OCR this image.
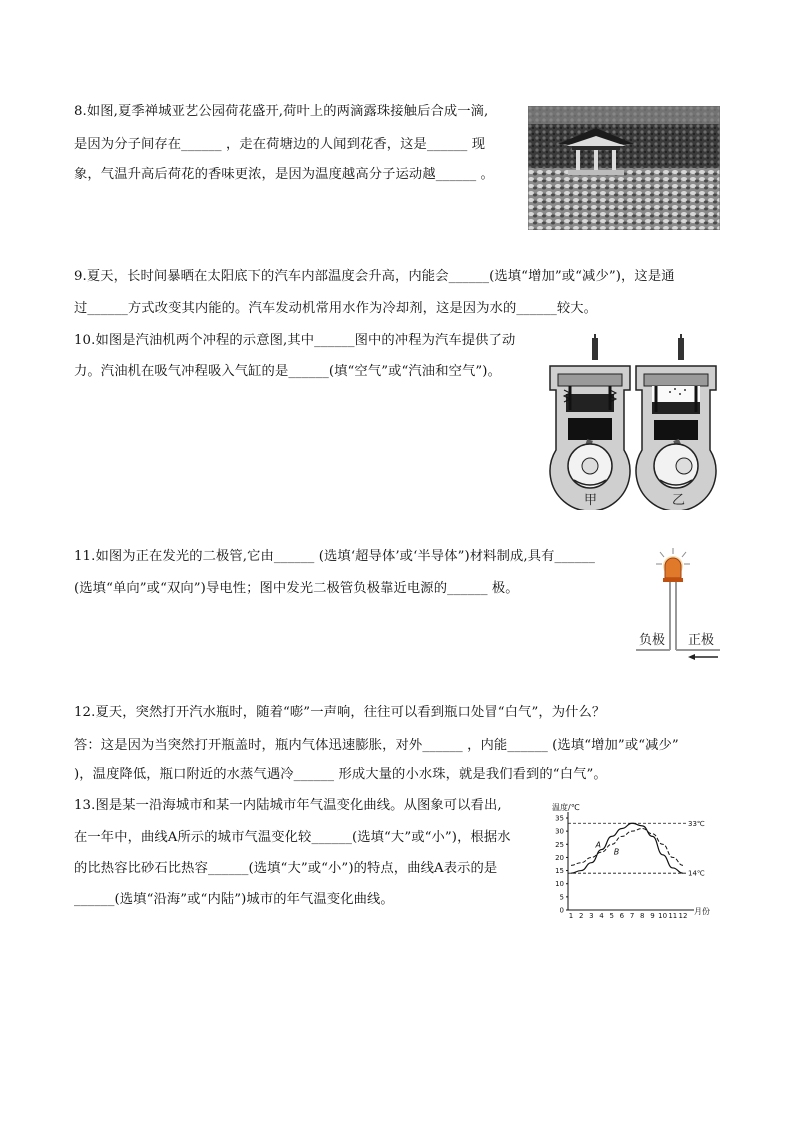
8.如图,夏季禅城亚艺公园荷花盛开,荷叶上的两滴露珠接触后合成一滴,
是因为分子间存在______ ，走在荷塘边的人闻到花香，这是______ 现
象，气温升高后荷花的香味更浓，是因为温度越高分子运动越______ 。
9.夏天，长时间暴晒在太阳底下的汽车内部温度会升高，内能会______(选填“增加”或“减少”)，这是通
过______方式改变其内能的。汽车发动机常用水作为冷却剂，这是因为水的______较大。
10.如图是汽油机两个冲程的示意图,其中______图中的冲程为汽车提供了动
力。汽油机在吸气冲程吸入气缸的是______(填“空气”或“汽油和空气”)。
甲	乙
11.如图为正在发光的二极管,它由______ (选填‘超导体’或‘半导体”)材料制成,具有______
(选填“单向”或“双向”)导电性；图中发光二极管负极靠近电源的______ 极。
负极 正极
12.夏天，突然打开汽水瓶时，随着“嘭”一声响，往往可以看到瓶口处冒“白气”，为什么？
答：这是因为当突然打开瓶盖时，瓶内气体迅速膨胀，对外______ ，内能______ (选填“增加”或“减少”
)，温度降低，瓶口附近的水蒸气遇冷______ 形成大量的小水珠，就是我们看到的“白气”。
13.图是某一沿海城市和某一内陆城市年气温变化曲线。从图象可以看出,
在一年中，曲线A所示的城市气温变化较______(选填“大”或“小”)，根据水
的比热容比砂石比热容______(选填“大”或“小”)的特点，曲线A表示的是
______(选填“沿海”或“内陆”)城市的年气温变化曲线。
温度/℃
月份
0
5
10
15
20
25
30
35
1 2 3 4 5 6 7 8 9 10 11 12
33℃
14℃
A
B
